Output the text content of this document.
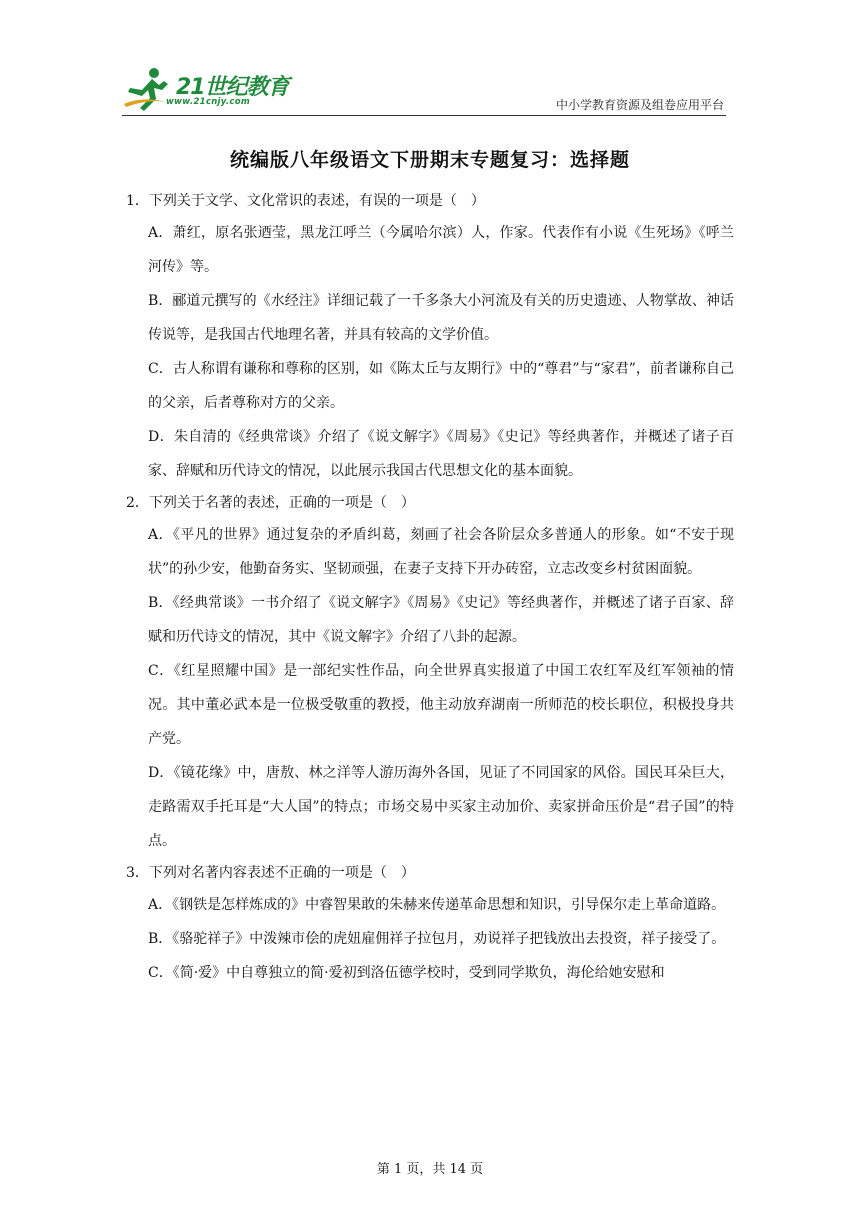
21世纪教育
www.21cnjy.com	中小学教育资源及组卷应用平台
统编版八年级语文下册期末专题复习：选择题

1．下列关于文学、文化常识的表述，有误的一项是（　）

A．萧红，原名张迺莹，黑龙江呼兰（今属哈尔滨）人，作家。代表作有小说《生死场》《呼兰河传》等。

B．郦道元撰写的《水经注》详细记载了一千多条大小河流及有关的历史遗迹、人物掌故、神话传说等，是我国古代地理名著，并具有较高的文学价值。

C．古人称谓有谦称和尊称的区别，如《陈太丘与友期行》中的“尊君”与“家君”，前者谦称自己的父亲，后者尊称对方的父亲。

D．朱自清的《经典常谈》介绍了《说文解字》《周易》《史记》等经典著作，并概述了诸子百家、辞赋和历代诗文的情况，以此展示我国古代思想文化的基本面貌。

2．下列关于名著的表述，正确的一项是（　）

A．《平凡的世界》通过复杂的矛盾纠葛，刻画了社会各阶层众多普通人的形象。如“不安于现状”的孙少安，他勤奋务实、坚韧顽强，在妻子支持下开办砖窑，立志改变乡村贫困面貌。

B．《经典常谈》一书介绍了《说文解字》《周易》《史记》等经典著作，并概述了诸子百家、辞赋和历代诗文的情况，其中《说文解字》介绍了八卦的起源。

C．《红星照耀中国》是一部纪实性作品，向全世界真实报道了中国工农红军及红军领袖的情况。其中董必武本是一位极受敬重的教授，他主动放弃湖南一所师范的校长职位，积极投身共产党。

D．《镜花缘》中，唐敖、林之洋等人游历海外各国，见证了不同国家的风俗。国民耳朵巨大，走路需双手托耳是“大人国”的特点；市场交易中买家主动加价、卖家拼命压价是“君子国”的特点。

3．下列对名著内容表述不正确的一项是（　）

A．《钢铁是怎样炼成的》中睿智果敢的朱赫来传递革命思想和知识，引导保尔走上革命道路。

B．《骆驼祥子》中泼辣市侩的虎妞雇佣祥子拉包月，劝说祥子把钱放出去投资，祥子接受了。

C．《简·爱》中自尊独立的简·爱初到洛伍德学校时，受到同学欺负，海伦给她安慰和

第 1 页，共 14 页
